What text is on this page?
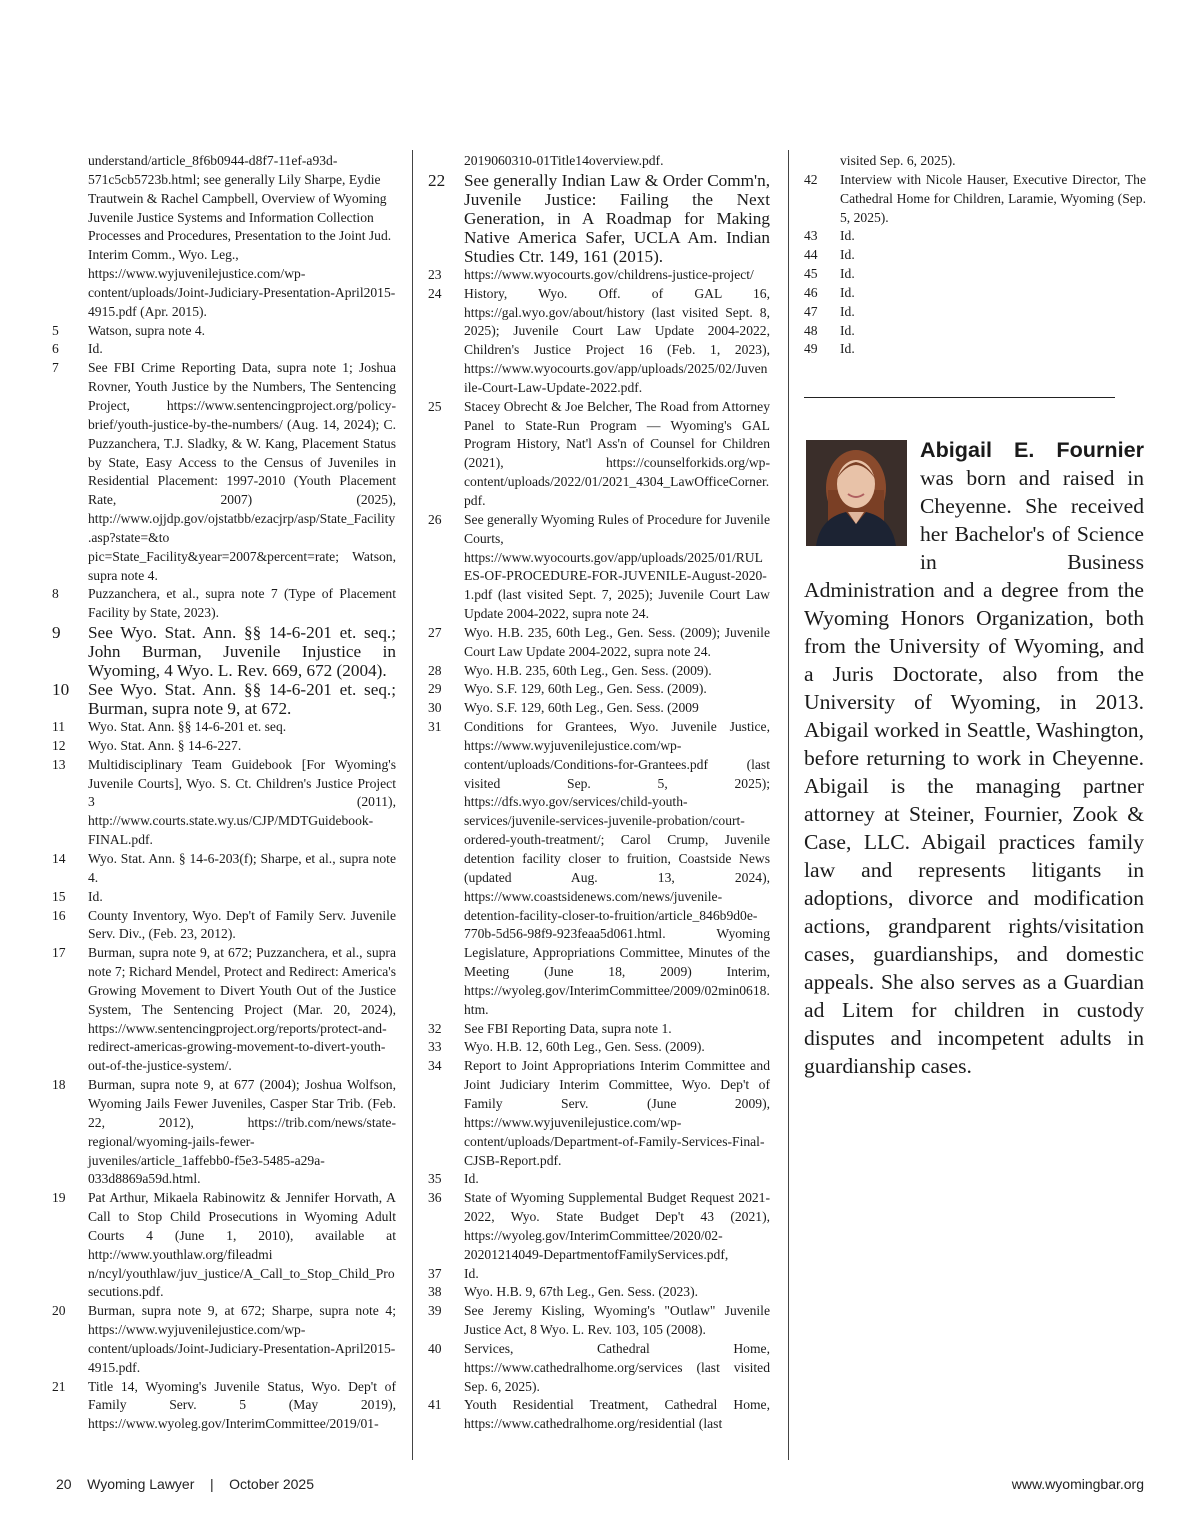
understand/article_8f6b0944-d8f7-11ef-a93d-571c5cb5723b.html; see generally Lily Sharpe, Eydie Trautwein & Rachel Campbell, Overview of Wyoming Juvenile Justice Systems and Information Collection Processes and Procedures, Presentation to the Joint Jud. Interim Comm., Wyo. Leg., https://www.wyjuvenilejustice.com/wp-content/uploads/Joint-Judiciary-Presentation-April2015-4915.pdf (Apr. 2015).
5	Watson, supra note 4.
6	Id.
7	See FBI Crime Reporting Data, supra note 1; Joshua Rovner, Youth Justice by the Numbers, The Sentencing Project, https://www.sentencingproject.org/policy-brief/youth-justice-by-the-numbers/ (Aug. 14, 2024); C. Puzzanchera, T.J. Sladky, & W. Kang, Placement Status by State, Easy Access to the Census of Juveniles in Residential Placement: 1997-2010 (Youth Placement Rate, 2007) (2025), http://www.ojjdp.gov/ojstatbb/ezacjrp/asp/State_Facility.asp?state=&to pic=State_Facility&year=2007&percent=rate; Watson, supra note 4.
8	Puzzanchera, et al., supra note 7 (Type of Placement Facility by State, 2023).
9	See Wyo. Stat. Ann. §§ 14-6-201 et. seq.; John Burman, Juvenile Injustice in Wyoming, 4 Wyo. L. Rev. 669, 672 (2004).
10	See Wyo. Stat. Ann. §§ 14-6-201 et. seq.; Burman, supra note 9, at 672.
11	Wyo. Stat. Ann. §§ 14-6-201 et. seq.
12	Wyo. Stat. Ann. § 14-6-227.
13	Multidisciplinary Team Guidebook [For Wyoming's Juvenile Courts], Wyo. S. Ct. Children's Justice Project 3 (2011), http://www.courts.state.wy.us/CJP/MDTGuidebook-FINAL.pdf.
14	Wyo. Stat. Ann. § 14-6-203(f); Sharpe, et al., supra note 4.
15	Id.
16	County Inventory, Wyo. Dep't of Family Serv. Juvenile Serv. Div., (Feb. 23, 2012).
17	Burman, supra note 9, at 672; Puzzanchera, et al., supra note 7; Richard Mendel, Protect and Redirect: America's Growing Movement to Divert Youth Out of the Justice System, The Sentencing Project (Mar. 20, 2024), https://www.sentencingproject.org/reports/protect-and-redirect-americas-growing-movement-to-divert-youth-out-of-the-justice-system/.
18	Burman, supra note 9, at 677 (2004); Joshua Wolfson, Wyoming Jails Fewer Juveniles, Casper Star Trib. (Feb. 22, 2012), https://trib.com/news/state-regional/wyoming-jails-fewer-juveniles/article_1affebb0-f5e3-5485-a29a-033d8869a59d.html.
19	Pat Arthur, Mikaela Rabinowitz & Jennifer Horvath, A Call to Stop Child Prosecutions in Wyoming Adult Courts 4 (June 1, 2010), available at http://www.youthlaw.org/fileadmi n/ncyl/youthlaw/juv_justice/A_Call_to_Stop_Child_Prosecutions.pdf.
20	Burman, supra note 9, at 672; Sharpe, supra note 4; https://www.wyjuvenilejustice.com/wp-content/uploads/Joint-Judiciary-Presentation-April2015-4915.pdf.
21	Title 14, Wyoming's Juvenile Status, Wyo. Dep't of Family Serv. 5 (May 2019), https://www.wyoleg.gov/InterimCommittee/2019/01-
2019060310-01Title14overview.pdf.
22	See generally Indian Law & Order Comm'n, Juvenile Justice: Failing the Next Generation, in A Roadmap for Making Native America Safer, UCLA Am. Indian Studies Ctr. 149, 161 (2015).
23	https://www.wyocourts.gov/childrens-justice-project/
24	History, Wyo. Off. of GAL 16, https://gal.wyo.gov/about/history (last visited Sept. 8, 2025); Juvenile Court Law Update 2004-2022, Children's Justice Project 16 (Feb. 1, 2023), https://www.wyocourts.gov/app/uploads/2025/02/Juvenile-Court-Law-Update-2022.pdf.
25	Stacey Obrecht & Joe Belcher, The Road from Attorney Panel to State-Run Program — Wyoming's GAL Program History, Nat'l Ass'n of Counsel for Children (2021), https://counselforkids.org/wp-content/uploads/2022/01/2021_4304_LawOfficeCorner.pdf.
26	See generally Wyoming Rules of Procedure for Juvenile Courts, https://www.wyocourts.gov/app/uploads/2025/01/RULES-OF-PROCEDURE-FOR-JUVENILE-August-2020-1.pdf (last visited Sept. 7, 2025); Juvenile Court Law Update 2004-2022, supra note 24.
27	Wyo. H.B. 235, 60th Leg., Gen. Sess. (2009); Juvenile Court Law Update 2004-2022, supra note 24.
28	Wyo. H.B. 235, 60th Leg., Gen. Sess. (2009).
29	Wyo. S.F. 129, 60th Leg., Gen. Sess. (2009).
30	Wyo. S.F. 129, 60th Leg., Gen. Sess. (2009
31	Conditions for Grantees, Wyo. Juvenile Justice, https://www.wyjuvenilejustice.com/wp-content/uploads/Conditions-for-Grantees.pdf (last visited Sep. 5, 2025); https://dfs.wyo.gov/services/child-youth-services/juvenile-services-juvenile-probation/court-ordered-youth-treatment/; Carol Crump, Juvenile detention facility closer to fruition, Coastside News (updated Aug. 13, 2024), https://www.coastsidenews.com/news/juvenile-detention-facility-closer-to-fruition/article_846b9d0e-770b-5d56-98f9-923feaa5d061.html. Wyoming Legislature, Appropriations Committee, Minutes of the Meeting (June 18, 2009) Interim, https://wyoleg.gov/InterimCommittee/2009/02min0618.htm.
32	See FBI Reporting Data, supra note 1.
33	Wyo. H.B. 12, 60th Leg., Gen. Sess. (2009).
34	Report to Joint Appropriations Interim Committee and Joint Judiciary Interim Committee, Wyo. Dep't of Family Serv. (June 2009), https://www.wyjuvenilejustice.com/wp-content/uploads/Department-of-Family-Services-Final-CJSB-Report.pdf.
35	Id.
36	State of Wyoming Supplemental Budget Request 2021-2022, Wyo. State Budget Dep't 43 (2021), https://wyoleg.gov/InterimCommittee/2020/02-20201214049-DepartmentofFamilyServices.pdf,
37	Id.
38	Wyo. H.B. 9, 67th Leg., Gen. Sess. (2023).
39	See Jeremy Kisling, Wyoming's "Outlaw" Juvenile Justice Act, 8 Wyo. L. Rev. 103, 105 (2008).
40	Services, Cathedral Home, https://www.cathedralhome.org/services (last visited Sep. 6, 2025).
41	Youth Residential Treatment, Cathedral Home, https://www.cathedralhome.org/residential (last
visited Sep. 6, 2025).
42	Interview with Nicole Hauser, Executive Director, The Cathedral Home for Children, Laramie, Wyoming (Sep. 5, 2025).
43	Id.
44	Id.
45	Id.
46	Id.
47	Id.
48	Id.
49	Id.
Abigail E. Fournier was born and raised in Cheyenne. She received her Bachelor's of Science in Business Administration and a degree from the Wyoming Honors Organization, both from the University of Wyoming, and a Juris Doctorate, also from the University of Wyoming, in 2013. Abigail worked in Seattle, Washington, before returning to work in Cheyenne. Abigail is the managing partner attorney at Steiner, Fournier, Zook & Case, LLC. Abigail practices family law and represents litigants in adoptions, divorce and modification actions, grandparent rights/visitation cases, guardianships, and domestic appeals. She also serves as a Guardian ad Litem for children in custody disputes and incompetent adults in guardianship cases.
20 Wyoming Lawyer | October 2025	www.wyomingbar.org
